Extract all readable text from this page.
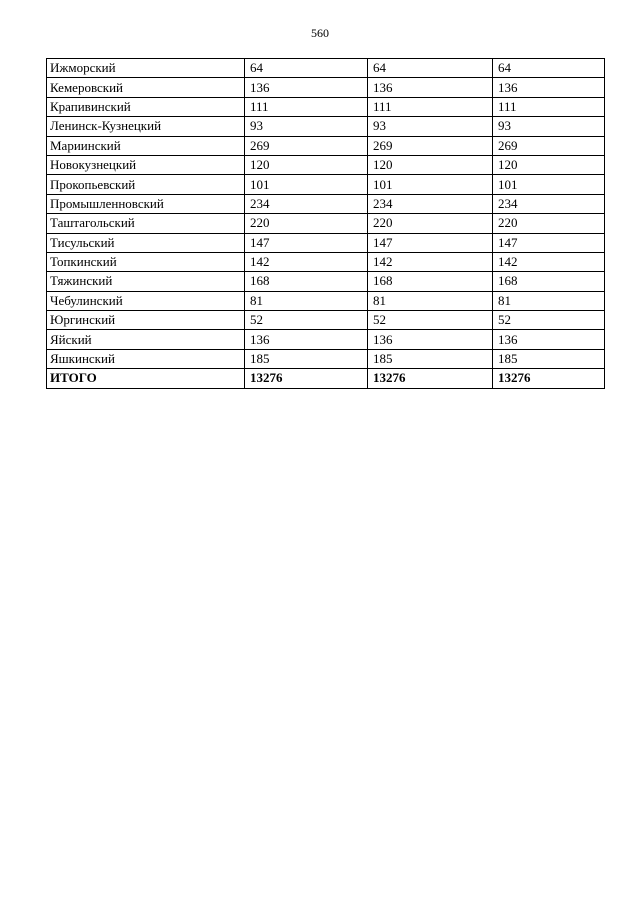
560
Ижморский	64	64	64
Кемеровский	136	136	136
Крапивинский	111	111	111
Ленинск-Кузнецкий	93	93	93
Мариинский	269	269	269
Новокузнецкий	120	120	120
Прокопьевский	101	101	101
Промышленновский	234	234	234
Таштагольский	220	220	220
Тисульский	147	147	147
Топкинский	142	142	142
Тяжинский	168	168	168
Чебулинский	81	81	81
Юргинский	52	52	52
Яйский	136	136	136
Яшкинский	185	185	185
ИТОГО	13276	13276	13276
